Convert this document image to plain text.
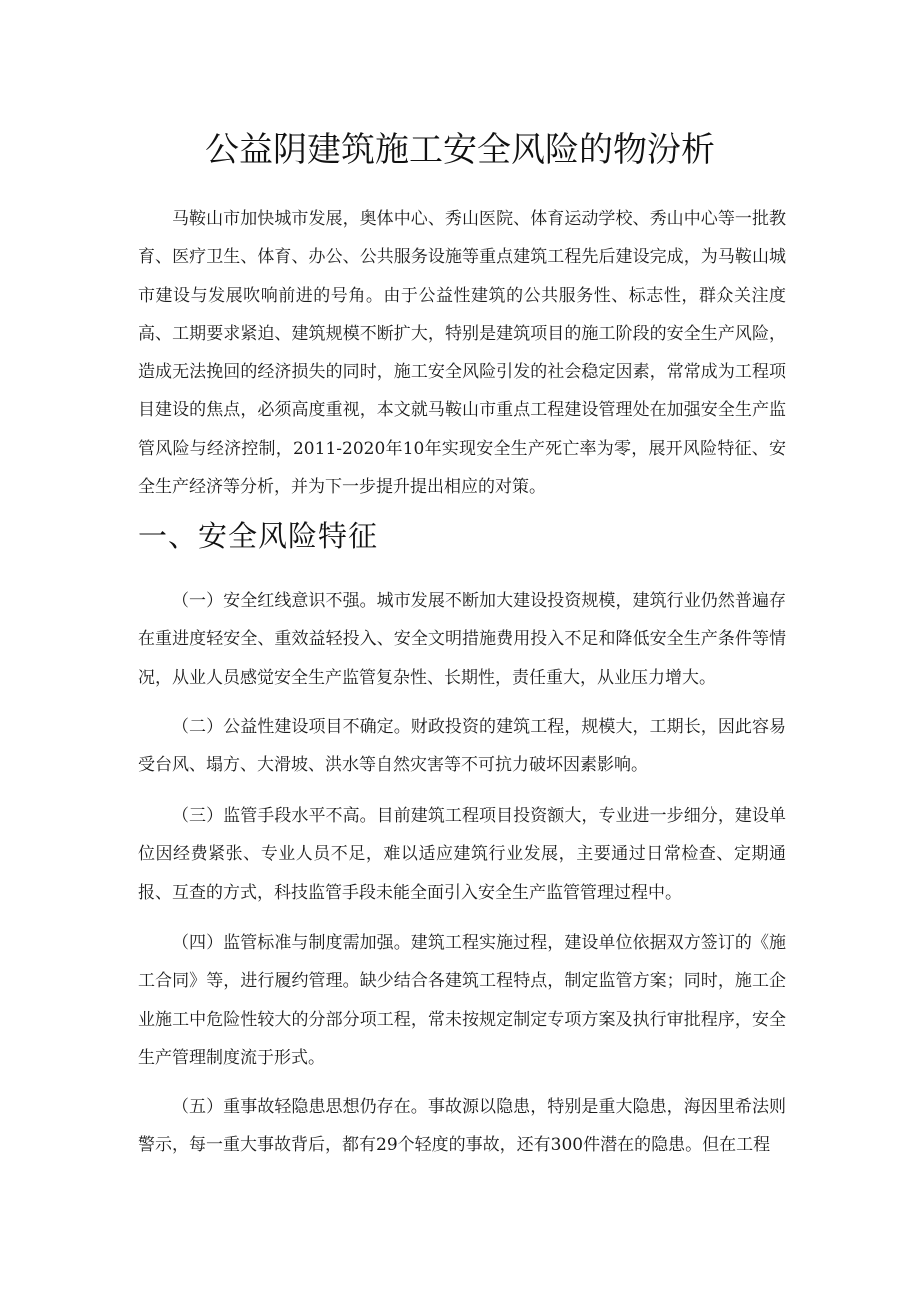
公益阴建筑施工安全风险的物汾析

马鞍山市加快城市发展，奥体中心、秀山医院、体育运动学校、秀山中心等一批教育、医疗卫生、体育、办公、公共服务设施等重点建筑工程先后建设完成，为马鞍山城市建设与发展吹响前进的号角。由于公益性建筑的公共服务性、标志性，群众关注度高、工期要求紧迫、建筑规模不断扩大，特别是建筑项目的施工阶段的安全生产风险，造成无法挽回的经济损失的同时，施工安全风险引发的社会稳定因素，常常成为工程项目建设的焦点，必须高度重视，本文就马鞍山市重点工程建设管理处在加强安全生产监管风险与经济控制，2011-2020年10年实现安全生产死亡率为零，展开风险特征、安全生产经济等分析，并为下一步提升提出相应的对策。

一、安全风险特征

（一）安全红线意识不强。城市发展不断加大建设投资规模，建筑行业仍然普遍存在重进度轻安全、重效益轻投入、安全文明措施费用投入不足和降低安全生产条件等情况，从业人员感觉安全生产监管复杂性、长期性，责任重大，从业压力增大。

（二）公益性建设项目不确定。财政投资的建筑工程，规模大，工期长，因此容易受台风、塌方、大滑坡、洪水等自然灾害等不可抗力破坏因素影响。

（三）监管手段水平不高。目前建筑工程项目投资额大，专业进一步细分，建设单位因经费紧张、专业人员不足，难以适应建筑行业发展，主要通过日常检查、定期通报、互查的方式，科技监管手段未能全面引入安全生产监管管理过程中。

（四）监管标准与制度需加强。建筑工程实施过程，建设单位依据双方签订的《施工合同》等，进行履约管理。缺少结合各建筑工程特点，制定监管方案；同时，施工企业施工中危险性较大的分部分项工程，常未按规定制定专项方案及执行审批程序，安全生产管理制度流于形式。

（五）重事故轻隐患思想仍存在。事故源以隐患，特别是重大隐患，海因里希法则警示，每一重大事故背后，都有29个轻度的事故，还有300件潜在的隐患。但在工程
